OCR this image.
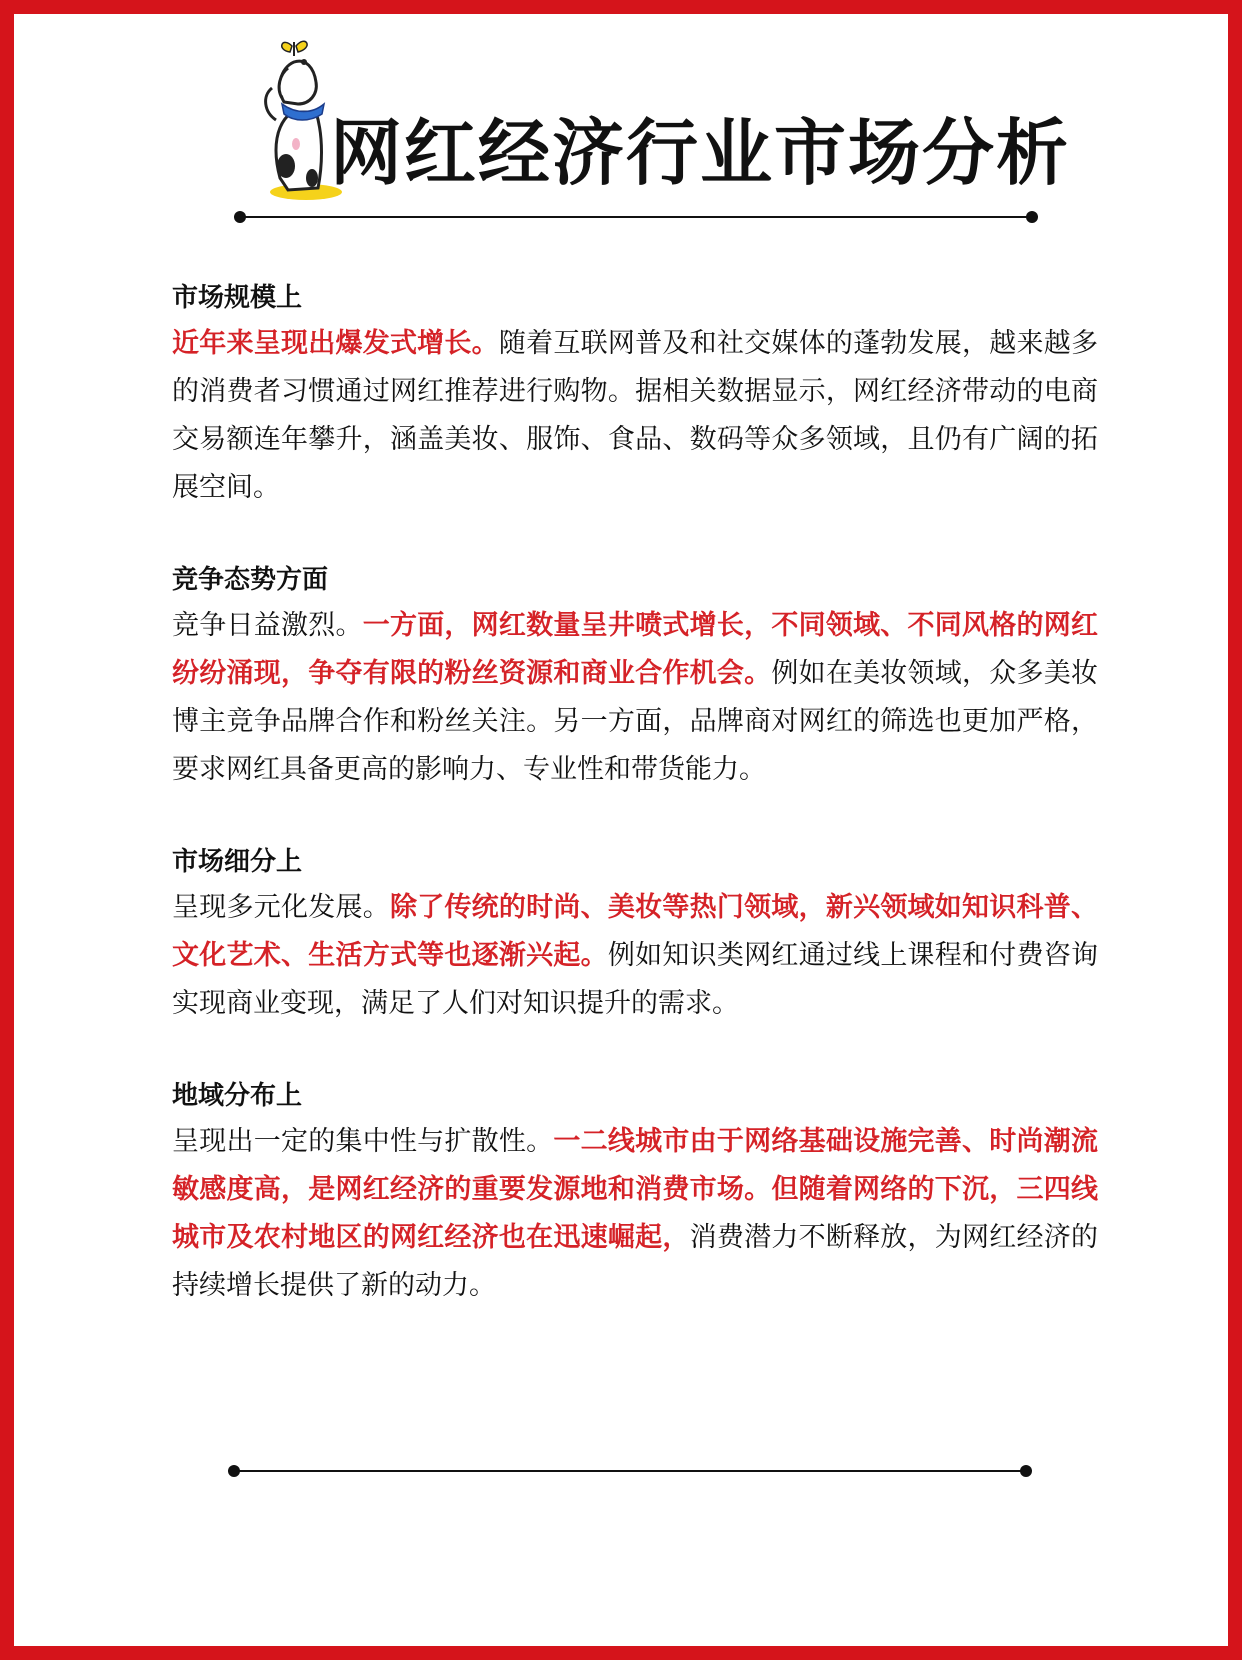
网红经济行业市场分析

市场规模上

近年来呈现出爆发式增长。随着互联网普及和社交媒体的蓬勃发展，越来越多的消费者习惯通过网红推荐进行购物。据相关数据显示，网红经济带动的电商交易额连年攀升，涵盖美妆、服饰、食品、数码等众多领域，且仍有广阔的拓展空间。

竞争态势方面

竞争日益激烈。一方面，网红数量呈井喷式增长，不同领域、不同风格的网红纷纷涌现，争夺有限的粉丝资源和商业合作机会。例如在美妆领域，众多美妆博主竞争品牌合作和粉丝关注。另一方面，品牌商对网红的筛选也更加严格，要求网红具备更高的影响力、专业性和带货能力。

市场细分上

呈现多元化发展。除了传统的时尚、美妆等热门领域，新兴领域如知识科普、文化艺术、生活方式等也逐渐兴起。例如知识类网红通过线上课程和付费咨询实现商业变现，满足了人们对知识提升的需求。

地域分布上

呈现出一定的集中性与扩散性。一二线城市由于网络基础设施完善、时尚潮流敏感度高，是网红经济的重要发源地和消费市场。但随着网络的下沉，三四线城市及农村地区的网红经济也在迅速崛起，消费潜力不断释放，为网红经济的持续增长提供了新的动力。
